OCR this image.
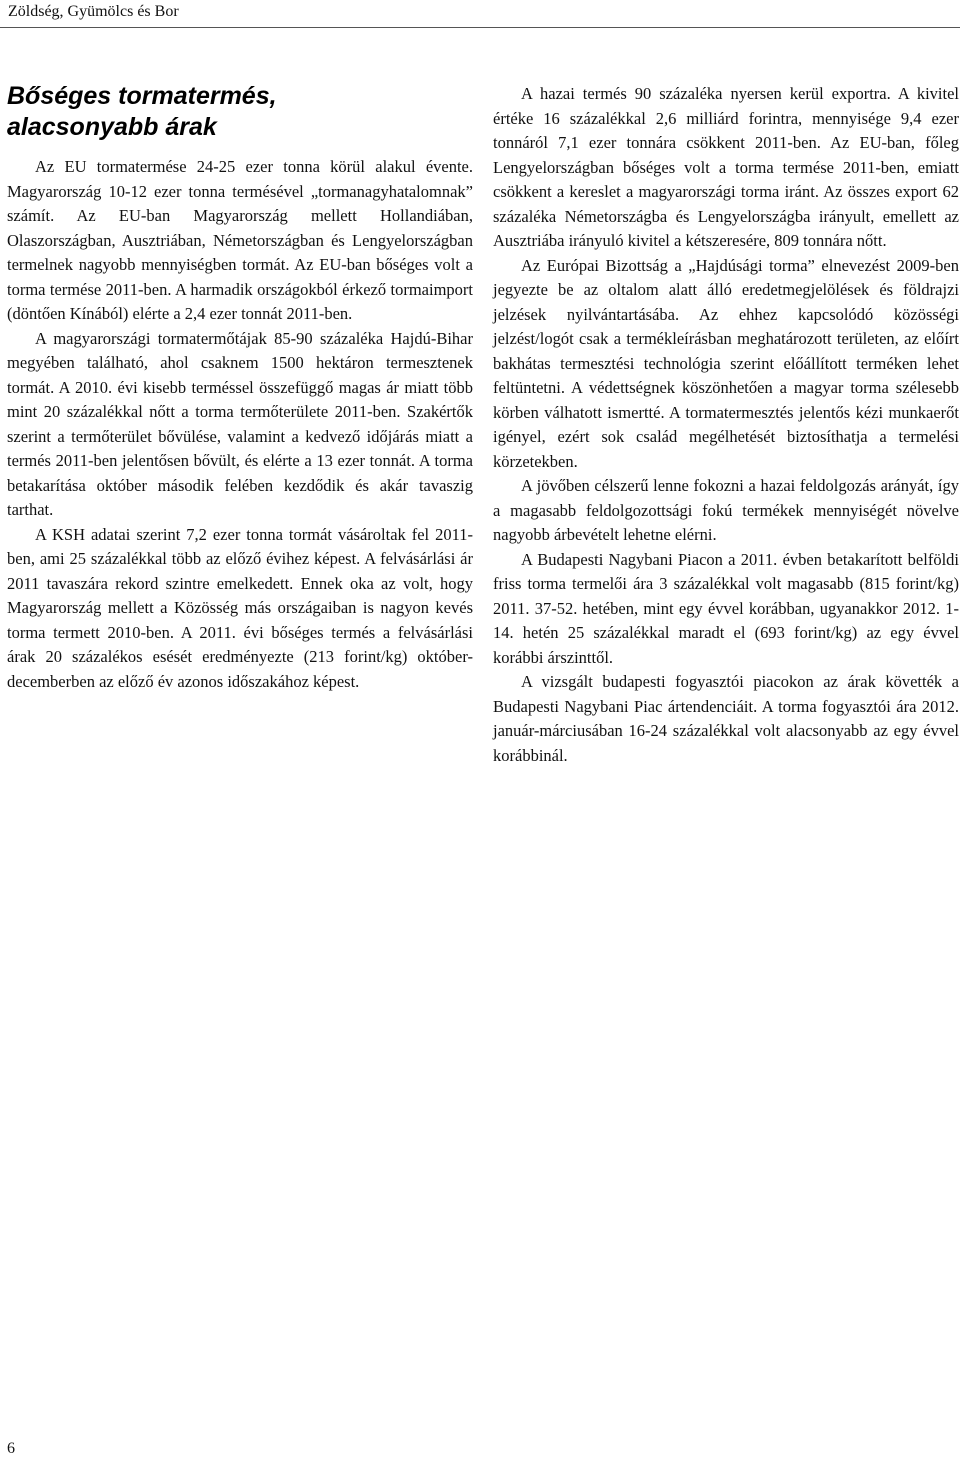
Zöldség, Gyümölcs és Bor
Bőséges tormatermés,
alacsonyabb árak

Az EU tormatermése 24-25 ezer tonna körül alakul évente. Magyarország 10-12 ezer tonna termésével „tormanagyhatalomnak” számít. Az EU-ban Magyarország mellett Hollandiában, Olaszországban, Ausztriában, Németországban és Lengyelországban termelnek nagyobb mennyiségben tormát. Az EU-ban bőséges volt a torma termése 2011-ben. A harmadik országokból érkező tormaimport (döntően Kínából) elérte a 2,4 ezer tonnát 2011-ben.

A magyarországi tormatermőtájak 85-90 százaléka Hajdú-Bihar megyében található, ahol csaknem 1500 hektáron termesztenek tormát. A 2010. évi kisebb terméssel összefüggő magas ár miatt több mint 20 százalékkal nőtt a torma termőterülete 2011-ben. Szakértők szerint a termőterület bővülése, valamint a kedvező időjárás miatt a termés 2011-ben jelentősen bővült, és elérte a 13 ezer tonnát. A torma betakarítása október második felében kezdődik és akár tavaszig tarthat.

A KSH adatai szerint 7,2 ezer tonna tormát vásároltak fel 2011-ben, ami 25 százalékkal több az előző évihez képest. A felvásárlási ár 2011 tavaszára rekord szintre emelkedett. Ennek oka az volt, hogy Magyarország mellett a Közösség más országaiban is nagyon kevés torma termett 2010-ben. A 2011. évi bőséges termés a felvásárlási árak 20 százalékos esését eredményezte (213 forint/kg) október-decemberben az előző év azonos időszakához képest.

A hazai termés 90 százaléka nyersen kerül exportra. A kivitel értéke 16 százalékkal 2,6 milliárd forintra, mennyisége 9,4 ezer tonnáról 7,1 ezer tonnára csökkent 2011-ben. Az EU-ban, főleg Lengyelországban bőséges volt a torma termése 2011-ben, emiatt csökkent a kereslet a magyarországi torma iránt. Az összes export 62 százaléka Németországba és Lengyelországba irányult, emellett az Ausztriába irányuló kivitel a kétszeresére, 809 tonnára nőtt.

Az Európai Bizottság a „Hajdúsági torma” elnevezést 2009-ben jegyezte be az oltalom alatt álló eredetmegjelölések és földrajzi jelzések nyilvántartásába. Az ehhez kapcsolódó közösségi jelzést/logót csak a termékleírásban meghatározott területen, az előírt bakhátas termesztési technológia szerint előállított terméken lehet feltüntetni. A védettségnek köszönhetően a magyar torma szélesebb körben válhatott ismertté. A tormatermesztés jelentős kézi munkaerőt igényel, ezért sok család megélhetését biztosíthatja a termelési körzetekben.

A jövőben célszerű lenne fokozni a hazai feldolgozás arányát, így a magasabb feldolgozottsági fokú termékek mennyiségét növelve nagyobb árbevételt lehetne elérni.

A Budapesti Nagybani Piacon a 2011. évben betakarított belföldi friss torma termelői ára 3 százalékkal volt magasabb (815 forint/kg) 2011. 37-52. hetében, mint egy évvel korábban, ugyanakkor 2012. 1-14. hetén 25 százalékkal maradt el (693 forint/kg) az egy évvel korábbi árszinttől.

A vizsgált budapesti fogyasztói piacokon az árak követték a Budapesti Nagybani Piac ártendenciáit. A torma fogyasztói ára 2012. január-márciusában 16-24 százalékkal volt alacsonyabb az egy évvel korábbinál.

6
